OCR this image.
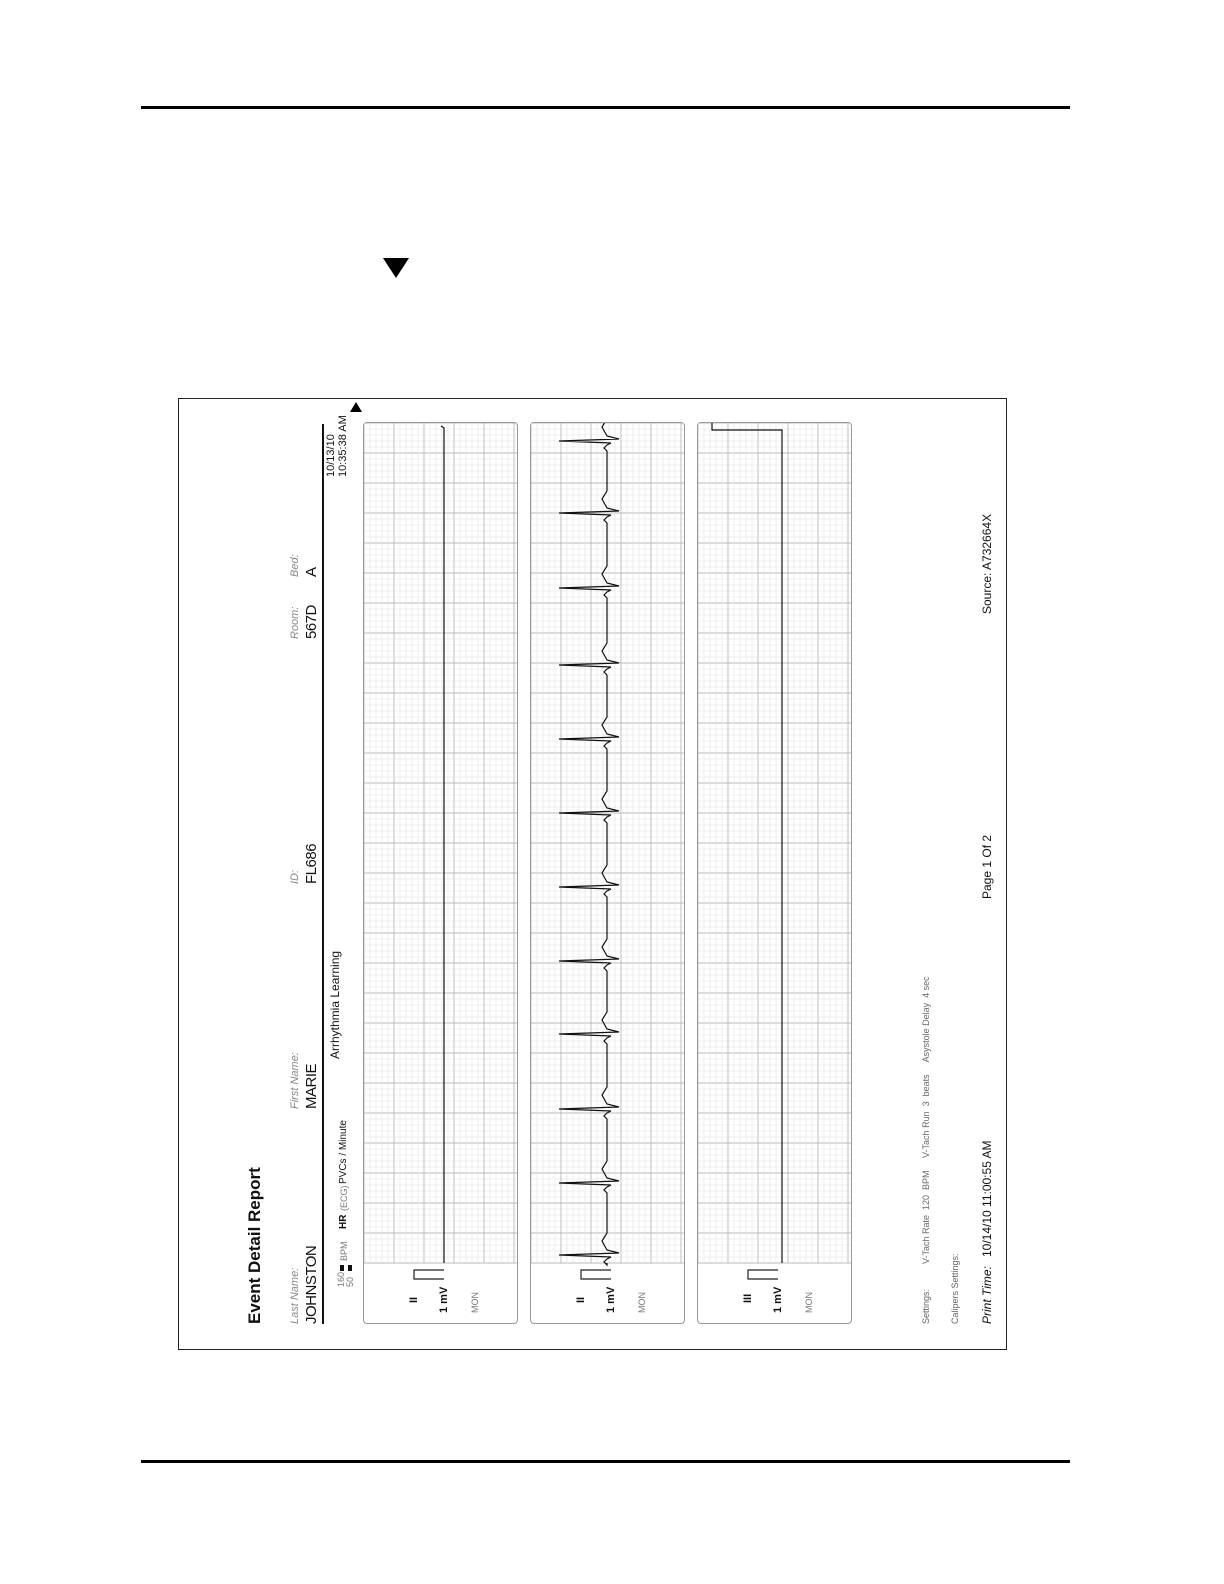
Event Detail Report	160 50
BPM
HR
(ECG)
PVCs / Minute
Last Name: JOHNSTON
First Name: MARIE
Arrhythmia Learning
ID: FL686
Room: 567D
Bed: A
10/13/10 10:35:38 AM
II 1 mV MON	II 1 mV MON	III 1 mV MON	Settings:
V-Tach Rate  120  BPM     V-Tach Run  3  beats     Asystole Delay  4 sec
Calipers Settings: Print Time:
10/14/10 11:00:55 AM
Page 1 Of 2
Source: A732664X
